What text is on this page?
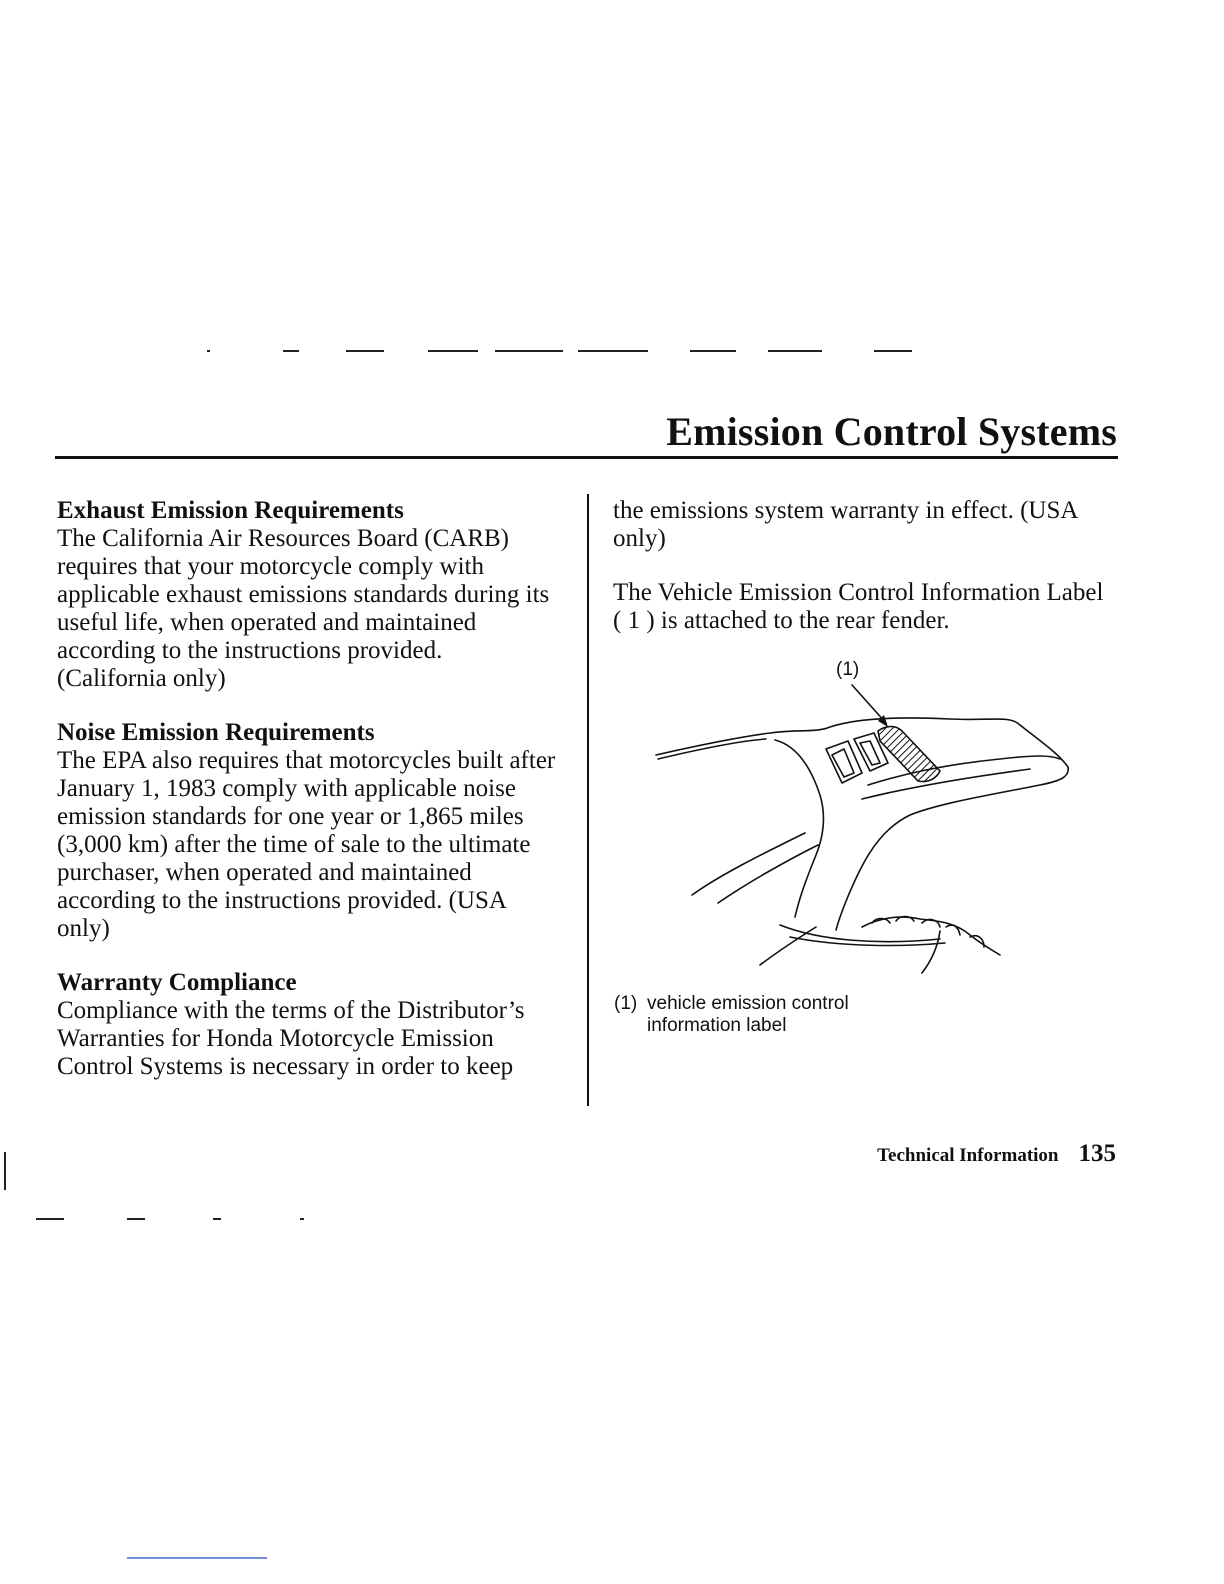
Emission Control Systems
Exhaust Emission Requirements

The California Air Resources Board (CARB) requires that your motorcycle comply with applicable exhaust emissions standards during its useful life, when operated and maintained according to the instructions provided. (California only)

Noise Emission Requirements

The EPA also requires that motorcycles built after January 1, 1983 comply with applicable noise emission standards for one year or 1,865 miles (3,000 km) after the time of sale to the ultimate purchaser, when operated and maintained according to the instructions provided. (USA only)

Warranty Compliance

Compliance with the terms of the Distributor’s Warranties for Honda Motorcycle Emission Control Systems is necessary in order to keep

the emissions system warranty in effect. (USA only)

The Vehicle Emission Control Information Label ( 1 ) is attached to the rear fender.

(1)
(1) vehicle emission control information label
Technical Information 135
